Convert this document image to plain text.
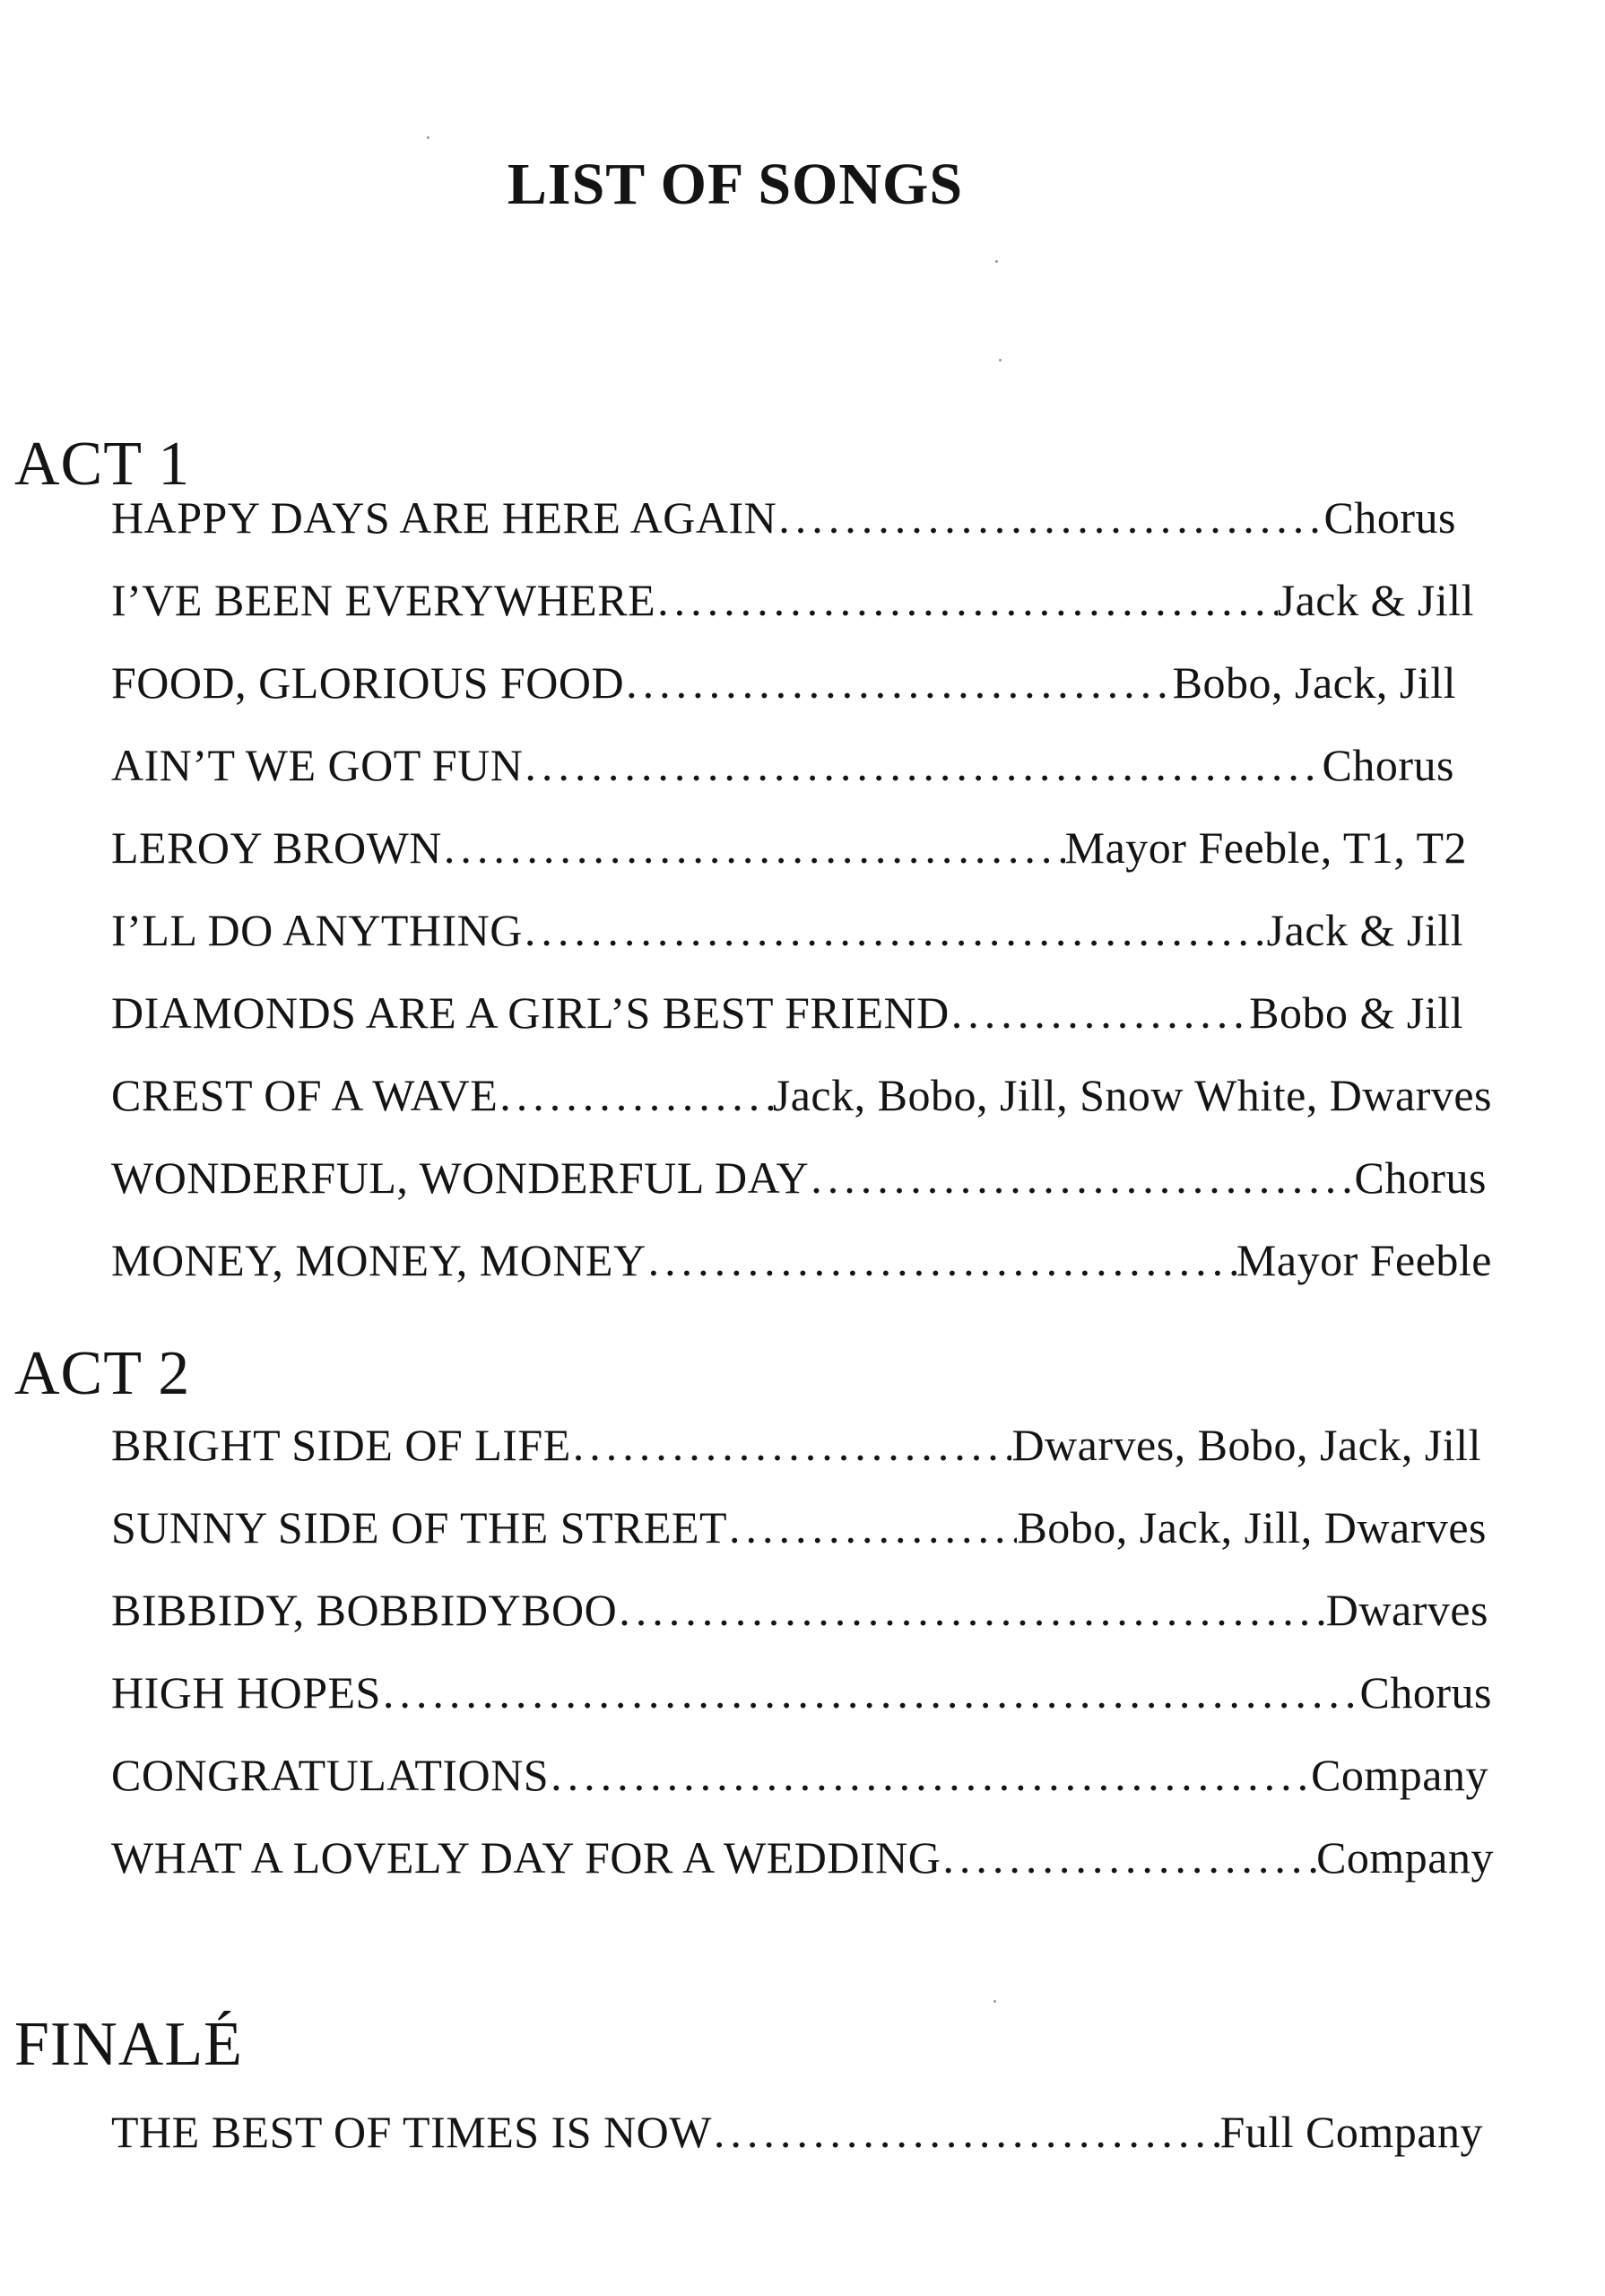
LIST OF SONGS
ACT 1
HAPPY DAYS ARE HERE AGAIN .....	Chorus
I’VE BEEN EVERYWHERE .....	Jack & Jill
FOOD, GLORIOUS FOOD .....	Bobo, Jack, Jill
AIN’T WE GOT FUN .....	Chorus
LEROY BROWN .....	Mayor Feeble, T1, T2
I’LL DO ANYTHING .....	Jack & Jill
DIAMONDS ARE A GIRL’S BEST FRIEND .....	Bobo & Jill
CREST OF A WAVE .....	Jack, Bobo, Jill, Snow White, Dwarves
WONDERFUL, WONDERFUL DAY .....	Chorus
MONEY, MONEY, MONEY .....	Mayor Feeble
ACT 2
BRIGHT SIDE OF LIFE .....	Dwarves, Bobo, Jack, Jill
SUNNY SIDE OF THE STREET .....	Bobo, Jack, Jill, Dwarves
BIBBIDY, BOBBIDYBOO .....	Dwarves
HIGH HOPES .....	Chorus
CONGRATULATIONS .....	Company
WHAT A LOVELY DAY FOR A WEDDING .....	Company
FINALÉ
THE BEST OF TIMES IS NOW .....	Full Company
